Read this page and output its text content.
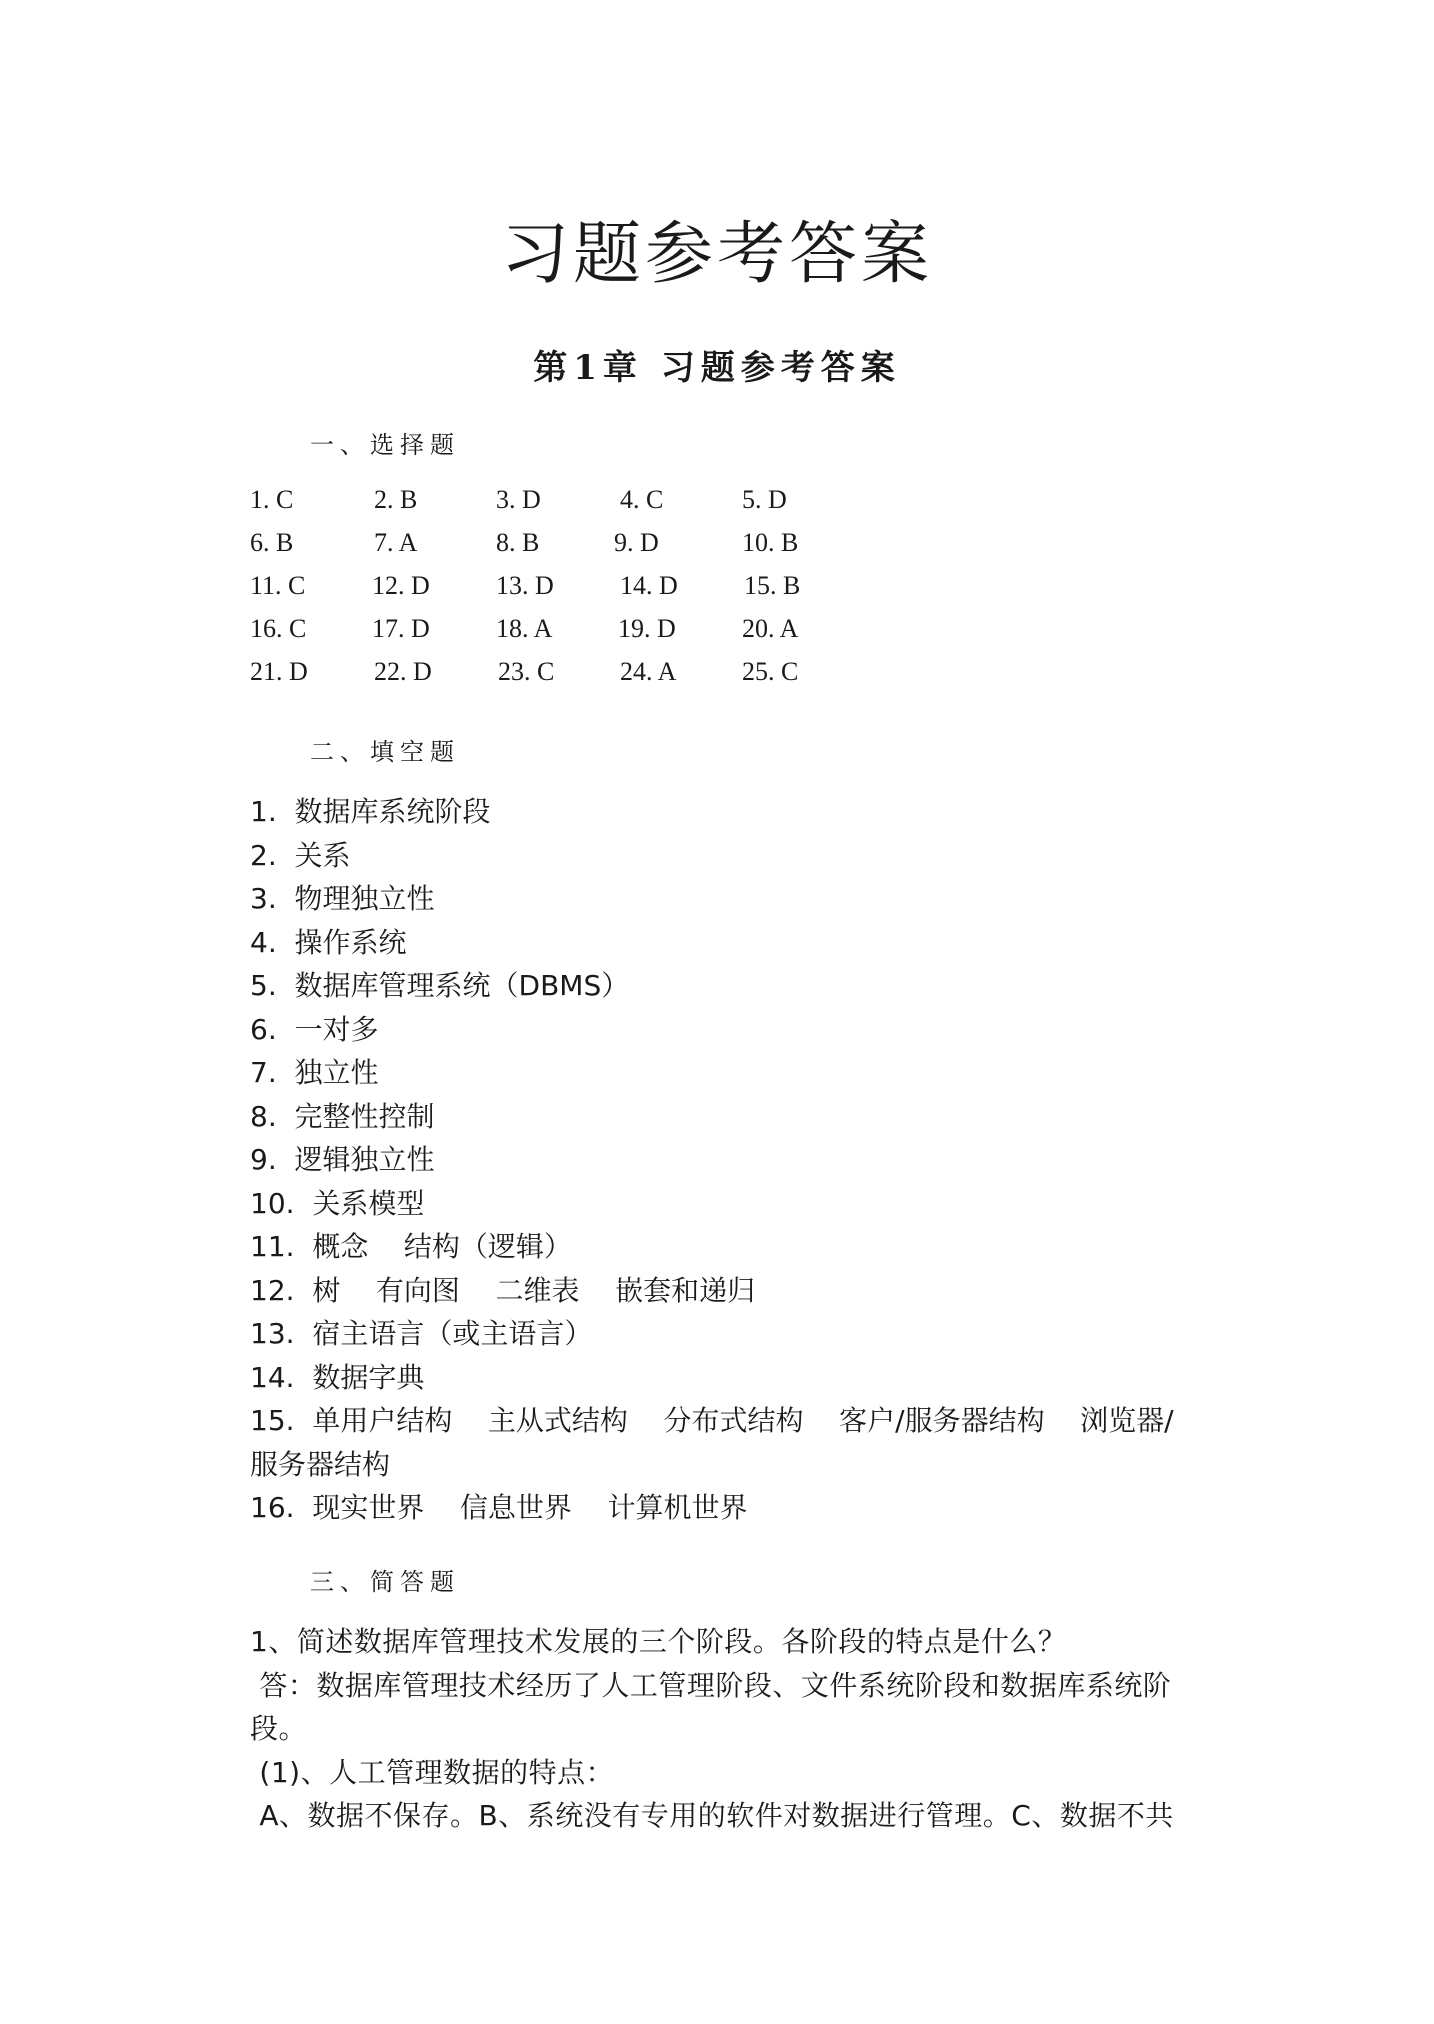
习题参考答案
第1章 习题参考答案
一、选择题
1. C	2. B	3. D	4. C	5. D
6. B	7. A	8. B	9. D	10. B
11. C	12. D	13. D	14. D	15. B
16. C	17. D	18. A	19. D	20. A
21. D	22. D	23. C	24. A	25. C
二、填空题
1.  数据库系统阶段
2.  关系
3.  物理独立性
4.  操作系统
5.  数据库管理系统（DBMS）
6.  一对多
7.  独立性
8.  完整性控制
9.  逻辑独立性
10.  关系模型
11.  概念    结构（逻辑）
12.  树    有向图    二维表    嵌套和递归
13.  宿主语言（或主语言）
14.  数据字典
15.  单用户结构    主从式结构    分布式结构    客户/服务器结构    浏览器/
服务器结构
16.  现实世界    信息世界    计算机世界
三、简答题
1、简述数据库管理技术发展的三个阶段。各阶段的特点是什么？
答：数据库管理技术经历了人工管理阶段、文件系统阶段和数据库系统阶
段。
(1)、人工管理数据的特点：
A、数据不保存。B、系统没有专用的软件对数据进行管理。C、数据不共
